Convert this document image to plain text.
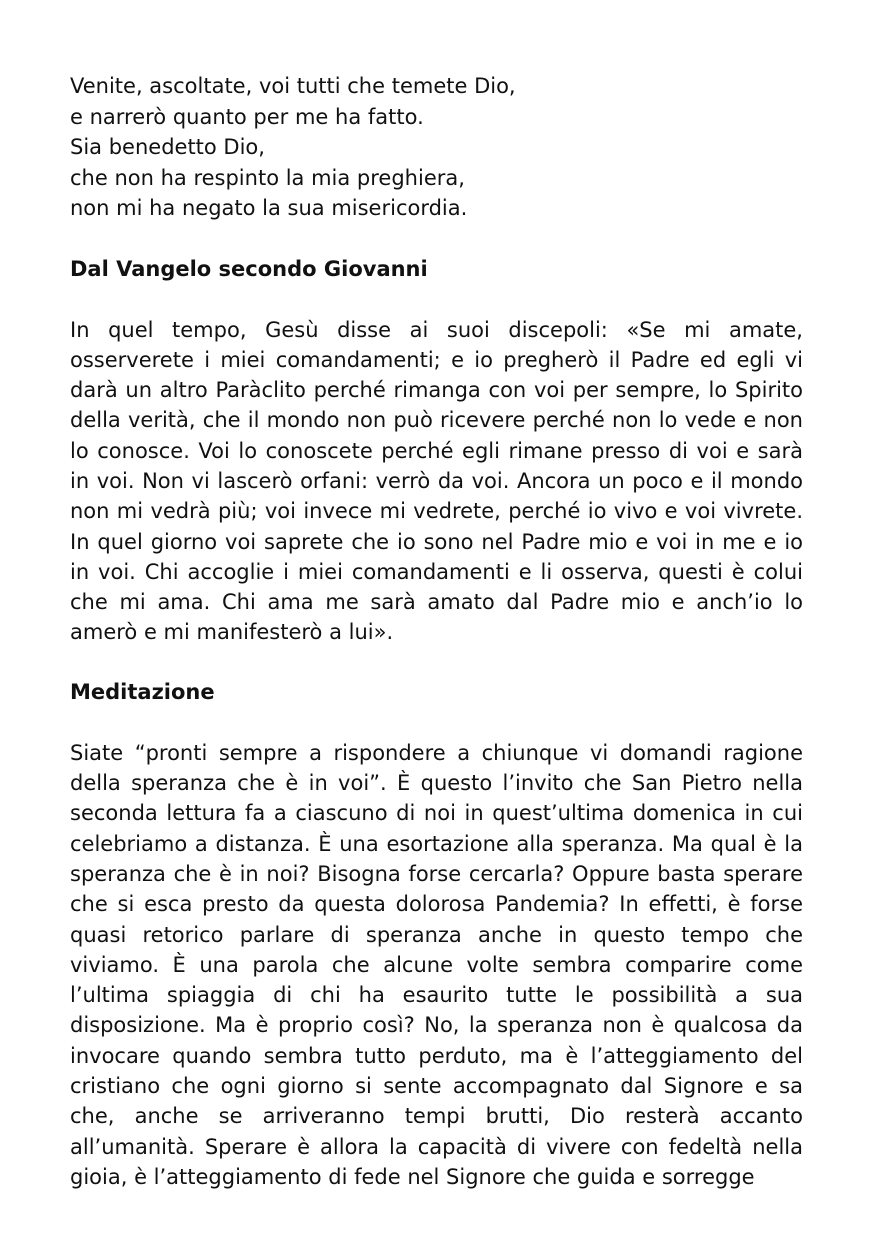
Venite, ascoltate, voi tutti che temete Dio,
e narrerò quanto per me ha fatto.
Sia benedetto Dio,
che non ha respinto la mia preghiera,
non mi ha negato la sua misericordia.
Dal Vangelo secondo Giovanni

In quel tempo, Gesù disse ai suoi discepoli: «Se mi amate, osserverete i miei comandamenti; e io pregherò il Padre ed egli vi darà un altro Paràclito perché rimanga con voi per sempre, lo Spirito della verità, che il mondo non può ricevere perché non lo vede e non lo conosce. Voi lo conoscete perché egli rimane presso di voi e sarà in voi. Non vi lascerò orfani: verrò da voi. Ancora un poco e il mondo non mi vedrà più; voi invece mi vedrete, perché io vivo e voi vivrete. In quel giorno voi saprete che io sono nel Padre mio e voi in me e io in voi. Chi accoglie i miei comandamenti e li osserva, questi è colui che mi ama. Chi ama me sarà amato dal Padre mio e anch’io lo amerò e mi manifesterò a lui».

Meditazione

Siate “pronti sempre a rispondere a chiunque vi domandi ragione della speranza che è in voi”. È questo l’invito che San Pietro nella seconda lettura fa a ciascuno di noi in quest’ultima domenica in cui celebriamo a distanza. È una esortazione alla speranza. Ma qual è la speranza che è in noi? Bisogna forse cercarla? Oppure basta sperare che si esca presto da questa dolorosa Pandemia? In effetti, è forse quasi retorico parlare di speranza anche in questo tempo che viviamo. È una parola che alcune volte sembra comparire come l’ultima spiaggia di chi ha esaurito tutte le possibilità a sua disposizione. Ma è proprio così? No, la speranza non è qualcosa da invocare quando sembra tutto perduto, ma è l’atteggiamento del cristiano che ogni giorno si sente accompagnato dal Signore e sa che, anche se arriveranno tempi brutti, Dio resterà accanto all’umanità. Sperare è allora la capacità di vivere con fedeltà nella gioia, è l’atteggiamento di fede nel Signore che guida e sorregge
